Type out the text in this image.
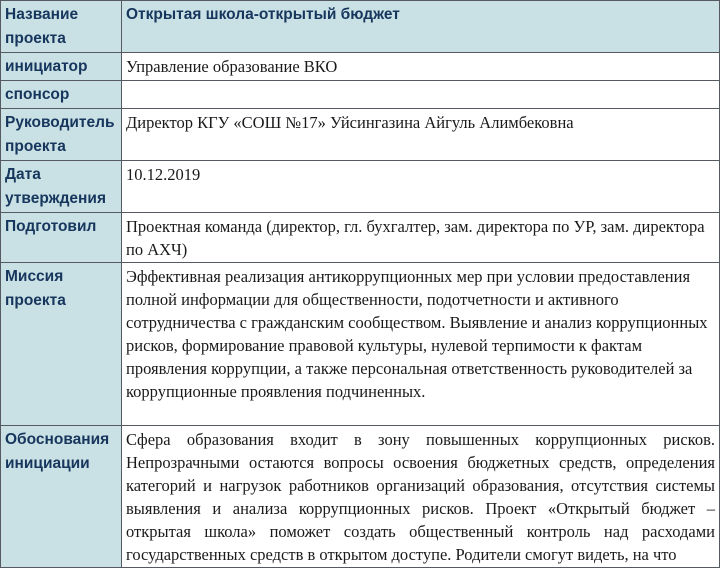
Название проекта	Открытая школа-открытый бюджет
инициатор	Управление образование ВКО
спонсор	
Руководитель проекта	Директор КГУ «СОШ №17» Уйсингазина Айгуль Алимбековна
Дата утверждения	10.12.2019
Подготовил	Проектная команда (директор, гл. бухгалтер, зам. директора по УР, зам. директора по АХЧ)
Миссия проекта	Эффективная реализация антикоррупционных мер при условии предоставления полной информации для общественности, подотчетности и активного сотрудничества с гражданским сообществом. Выявление и анализ коррупционных рисков, формирование правовой культуры, нулевой терпимости к фактам проявления коррупции, а также персональная ответственность руководителей за коррупционные проявления подчиненных.
Обоснования инициации	Сфера образования входит в зону повышенных коррупционных рисков. Непрозрачными остаются вопросы освоения бюджетных средств, определения категорий и нагрузок работников организаций образования, отсутствия системы выявления и анализа коррупционных рисков. Проект «Открытый бюджет – открытая школа» поможет создать общественный контроль над расходами государственных средств в открытом доступе. Родители смогут видеть, на что
